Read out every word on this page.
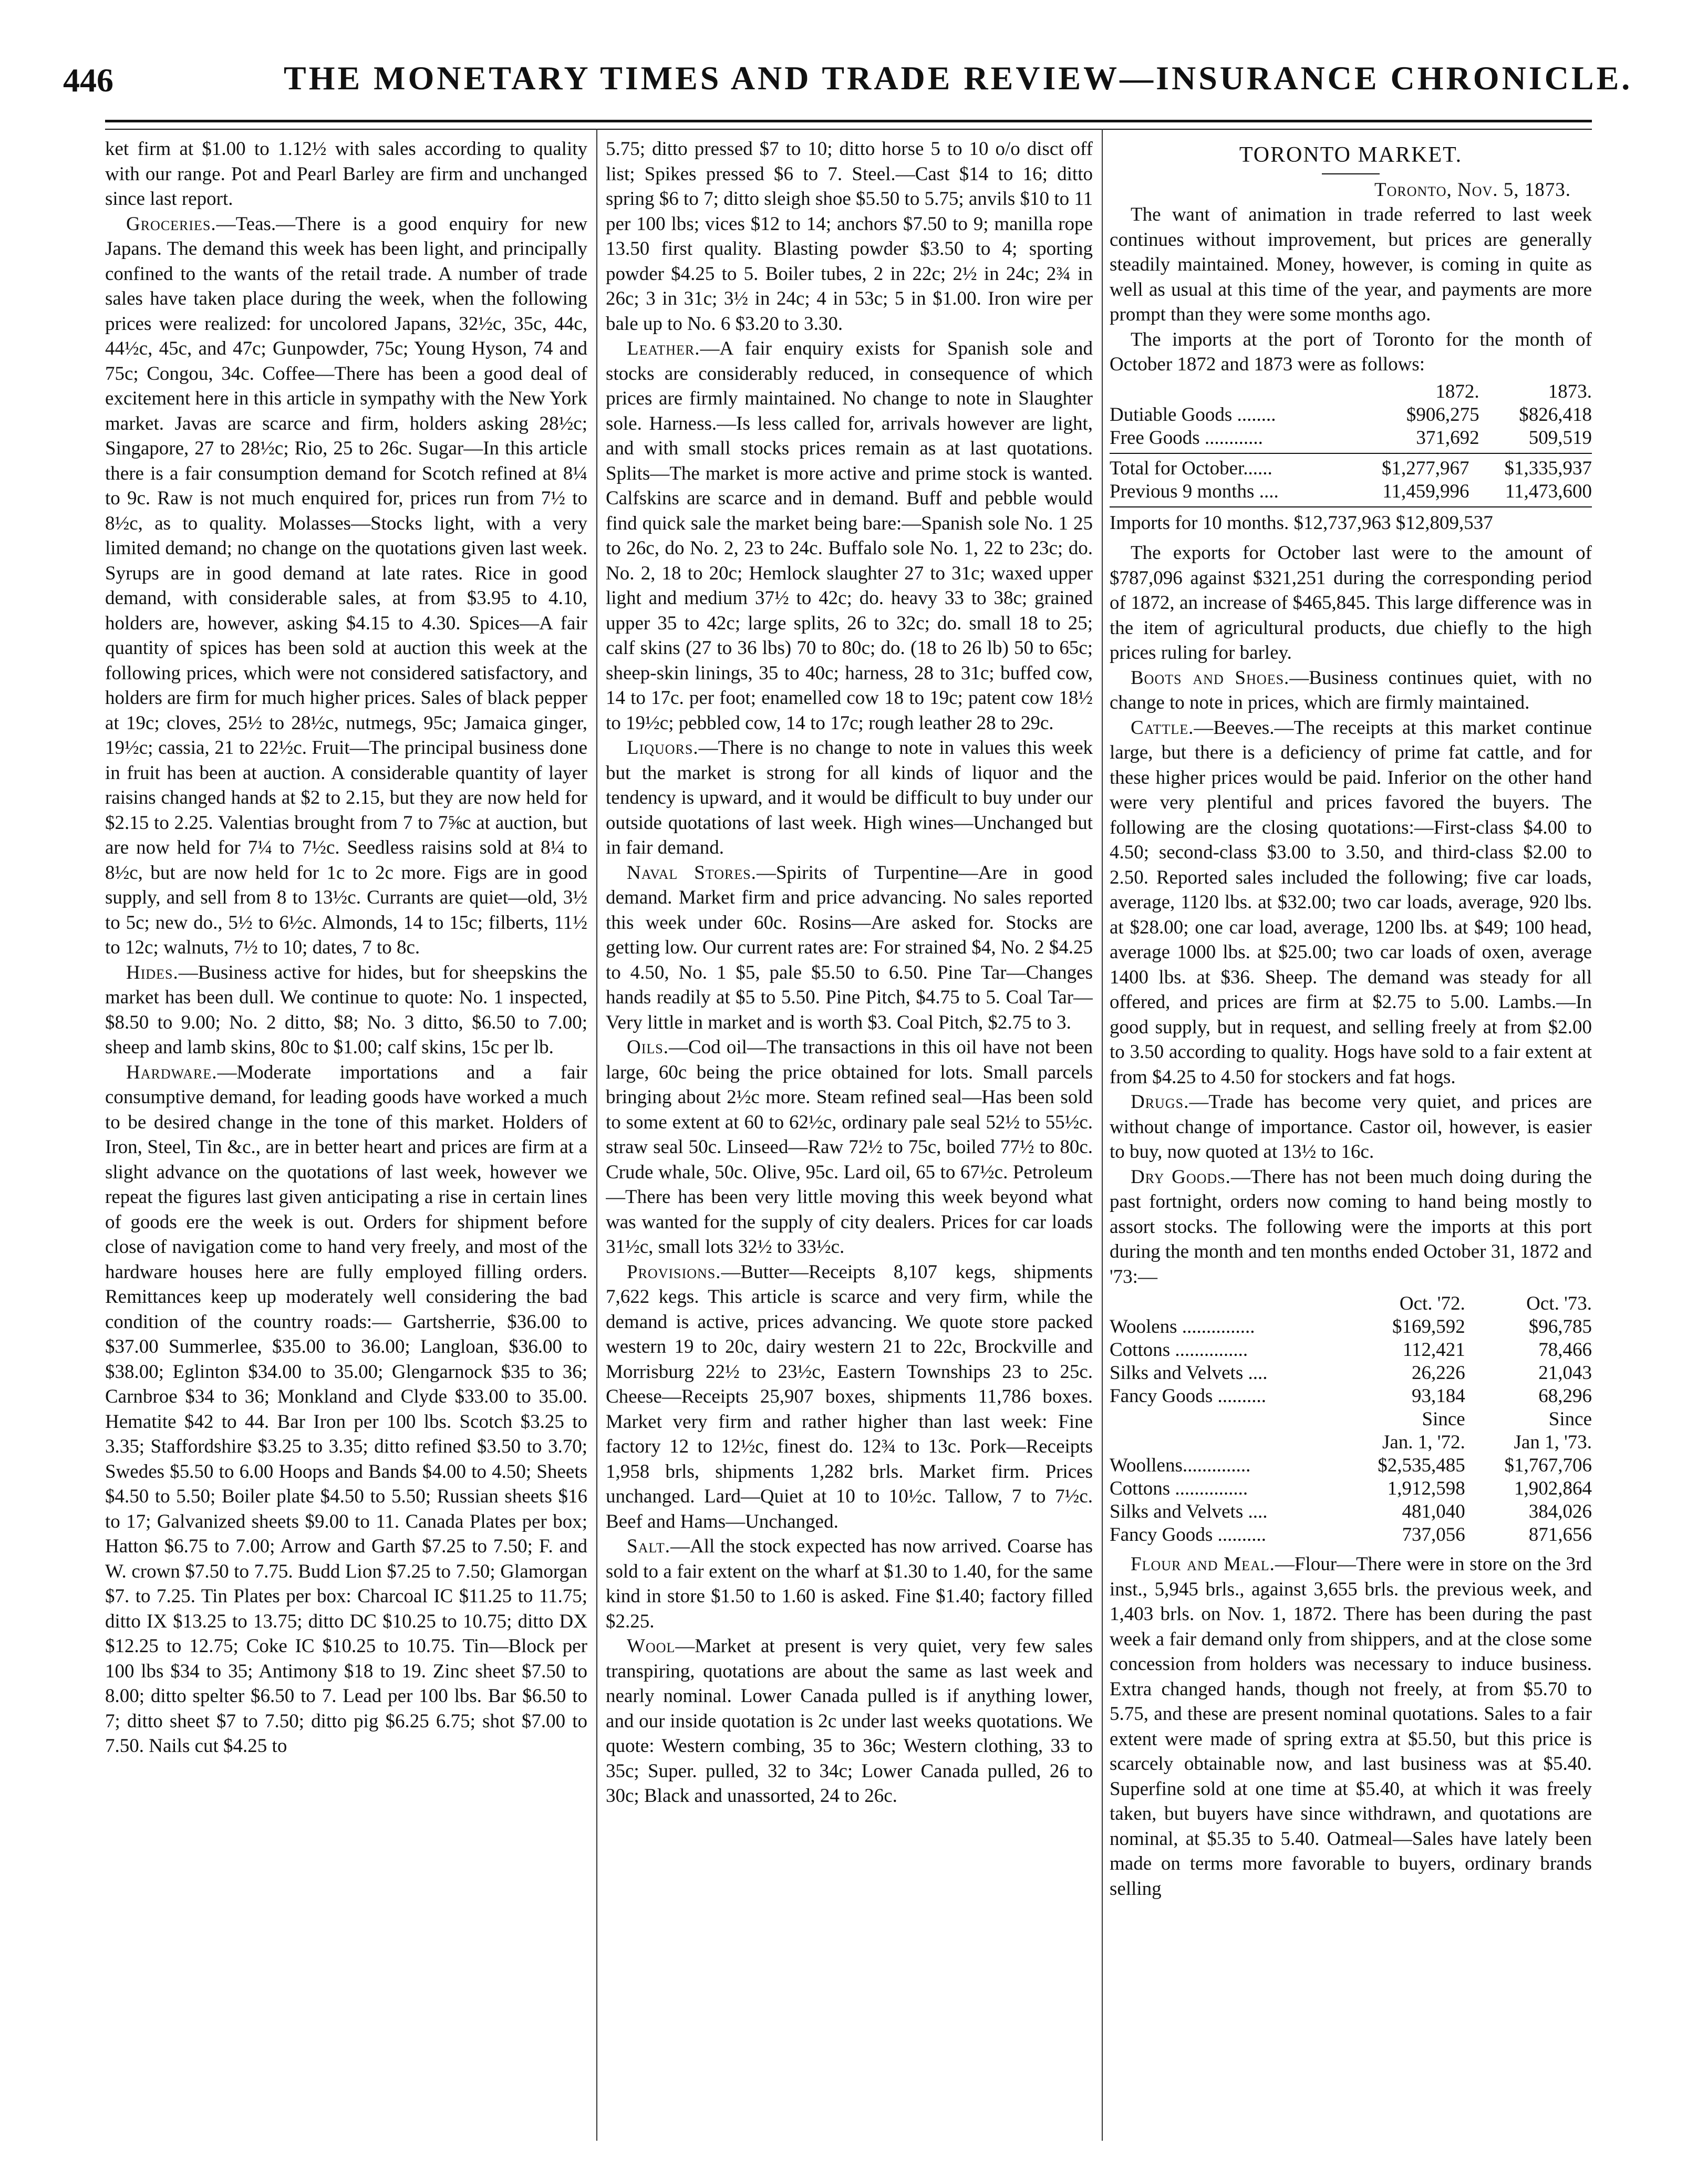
446	THE MONETARY TIMES AND TRADE REVIEW—INSURANCE CHRONICLE.

ket firm at $1.00 to 1.12½ with sales according to quality with our range. Pot and Pearl Barley are firm and unchanged since last report.

Groceries.—Teas.—There is a good enquiry for new Japans. The demand this week has been light, and principally confined to the wants of the retail trade. A number of trade sales have taken place during the week, when the following prices were realized: for uncolored Japans, 32½c, 35c, 44c, 44½c, 45c, and 47c; Gunpowder, 75c; Young Hyson, 74 and 75c; Congou, 34c. Coffee—There has been a good deal of excitement here in this article in sympathy with the New York market. Javas are scarce and firm, holders asking 28½c; Singapore, 27 to 28½c; Rio, 25 to 26c. Sugar—In this article there is a fair consumption demand for Scotch refined at 8¼ to 9c. Raw is not much enquired for, prices run from 7½ to 8½c, as to quality. Molasses—Stocks light, with a very limited demand; no change on the quotations given last week. Syrups are in good demand at late rates. Rice in good demand, with considerable sales, at from $3.95 to 4.10, holders are, however, asking $4.15 to 4.30. Spices—A fair quantity of spices has been sold at auction this week at the following prices, which were not considered satisfactory, and holders are firm for much higher prices. Sales of black pepper at 19c; cloves, 25½ to 28½c, nutmegs, 95c; Jamaica ginger, 19½c; cassia, 21 to 22½c. Fruit—The principal business done in fruit has been at auction. A considerable quantity of layer raisins changed hands at $2 to 2.15, but they are now held for $2.15 to 2.25. Valentias brought from 7 to 7⅝c at auction, but are now held for 7¼ to 7½c. Seedless raisins sold at 8¼ to 8½c, but are now held for 1c to 2c more. Figs are in good supply, and sell from 8 to 13½c. Currants are quiet—old, 3½ to 5c; new do., 5½ to 6½c. Almonds, 14 to 15c; filberts, 11½ to 12c; walnuts, 7½ to 10; dates, 7 to 8c.

Hides.—Business active for hides, but for sheepskins the market has been dull. We continue to quote: No. 1 inspected, $8.50 to 9.00; No. 2 ditto, $8; No. 3 ditto, $6.50 to 7.00; sheep and lamb skins, 80c to $1.00; calf skins, 15c per lb.

Hardware.—Moderate importations and a fair consumptive demand, for leading goods have worked a much to be desired change in the tone of this market. Holders of Iron, Steel, Tin &c., are in better heart and prices are firm at a slight advance on the quotations of last week, however we repeat the figures last given anticipating a rise in certain lines of goods ere the week is out. Orders for shipment before close of navigation come to hand very freely, and most of the hardware houses here are fully employed filling orders. Remittances keep up moderately well considering the bad condition of the country roads:— Gartsherrie, $36.00 to $37.00 Summerlee, $35.00 to 36.00; Langloan, $36.00 to $38.00; Eglinton $34.00 to 35.00; Glengarnock $35 to 36; Carnbroe $34 to 36; Monkland and Clyde $33.00 to 35.00. Hematite $42 to 44. Bar Iron per 100 lbs. Scotch $3.25 to 3.35; Staffordshire $3.25 to 3.35; ditto refined $3.50 to 3.70; Swedes $5.50 to 6.00 Hoops and Bands $4.00 to 4.50; Sheets $4.50 to 5.50; Boiler plate $4.50 to 5.50; Russian sheets $16 to 17; Galvanized sheets $9.00 to 11. Canada Plates per box; Hatton $6.75 to 7.00; Arrow and Garth $7.25 to 7.50; F. and W. crown $7.50 to 7.75. Budd Lion $7.25 to 7.50; Glamorgan $7. to 7.25. Tin Plates per box: Charcoal IC $11.25 to 11.75; ditto IX $13.25 to 13.75; ditto DC $10.25 to 10.75; ditto DX $12.25 to 12.75; Coke IC $10.25 to 10.75. Tin—Block per 100 lbs $34 to 35; Antimony $18 to 19. Zinc sheet $7.50 to 8.00; ditto spelter $6.50 to 7. Lead per 100 lbs. Bar $6.50 to 7; ditto sheet $7 to 7.50; ditto pig $6.25 6.75; shot $7.00 to 7.50. Nails cut $4.25 to

5.75; ditto pressed $7 to 10; ditto horse 5 to 10 o/o disct off list; Spikes pressed $6 to 7. Steel.—Cast $14 to 16; ditto spring $6 to 7; ditto sleigh shoe $5.50 to 5.75; anvils $10 to 11 per 100 lbs; vices $12 to 14; anchors $7.50 to 9; manilla rope 13.50 first quality. Blasting powder $3.50 to 4; sporting powder $4.25 to 5. Boiler tubes, 2 in 22c; 2½ in 24c; 2¾ in 26c; 3 in 31c; 3½ in 24c; 4 in 53c; 5 in $1.00. Iron wire per bale up to No. 6 $3.20 to 3.30.

Leather.—A fair enquiry exists for Spanish sole and stocks are considerably reduced, in consequence of which prices are firmly maintained. No change to note in Slaughter sole. Harness.—Is less called for, arrivals however are light, and with small stocks prices remain as at last quotations. Splits—The market is more active and prime stock is wanted. Calfskins are scarce and in demand. Buff and pebble would find quick sale the market being bare:—Spanish sole No. 1 25 to 26c, do No. 2, 23 to 24c. Buffalo sole No. 1, 22 to 23c; do. No. 2, 18 to 20c; Hemlock slaughter 27 to 31c; waxed upper light and medium 37½ to 42c; do. heavy 33 to 38c; grained upper 35 to 42c; large splits, 26 to 32c; do. small 18 to 25; calf skins (27 to 36 lbs) 70 to 80c; do. (18 to 26 lb) 50 to 65c; sheep-skin linings, 35 to 40c; harness, 28 to 31c; buffed cow, 14 to 17c. per foot; enamelled cow 18 to 19c; patent cow 18½ to 19½c; pebbled cow, 14 to 17c; rough leather 28 to 29c.

Liquors.—There is no change to note in values this week but the market is strong for all kinds of liquor and the tendency is upward, and it would be difficult to buy under our outside quotations of last week. High wines—Unchanged but in fair demand.

Naval Stores.—Spirits of Turpentine—Are in good demand. Market firm and price advancing. No sales reported this week under 60c. Rosins—Are asked for. Stocks are getting low. Our current rates are: For strained $4, No. 2 $4.25 to 4.50, No. 1 $5, pale $5.50 to 6.50. Pine Tar—Changes hands readily at $5 to 5.50. Pine Pitch, $4.75 to 5. Coal Tar—Very little in market and is worth $3. Coal Pitch, $2.75 to 3.

Oils.—Cod oil—The transactions in this oil have not been large, 60c being the price obtained for lots. Small parcels bringing about 2½c more. Steam refined seal—Has been sold to some extent at 60 to 62½c, ordinary pale seal 52½ to 55½c. straw seal 50c. Linseed—Raw 72½ to 75c, boiled 77½ to 80c. Crude whale, 50c. Olive, 95c. Lard oil, 65 to 67½c. Petroleum—There has been very little moving this week beyond what was wanted for the supply of city dealers. Prices for car loads 31½c, small lots 32½ to 33½c.

Provisions.—Butter—Receipts 8,107 kegs, shipments 7,622 kegs. This article is scarce and very firm, while the demand is active, prices advancing. We quote store packed western 19 to 20c, dairy western 21 to 22c, Brockville and Morrisburg 22½ to 23½c, Eastern Townships 23 to 25c. Cheese—Receipts 25,907 boxes, shipments 11,786 boxes. Market very firm and rather higher than last week: Fine factory 12 to 12½c, finest do. 12¾ to 13c. Pork—Receipts 1,958 brls, shipments 1,282 brls. Market firm. Prices unchanged. Lard—Quiet at 10 to 10½c. Tallow, 7 to 7½c. Beef and Hams—Unchanged.

Salt.—All the stock expected has now arrived. Coarse has sold to a fair extent on the wharf at $1.30 to 1.40, for the same kind in store $1.50 to 1.60 is asked. Fine $1.40; factory filled $2.25.

Wool—Market at present is very quiet, very few sales transpiring, quotations are about the same as last week and nearly nominal. Lower Canada pulled is if anything lower, and our inside quotation is 2c under last weeks quotations. We quote: Western combing, 35 to 36c; Western clothing, 33 to 35c; Super. pulled, 32 to 34c; Lower Canada pulled, 26 to 30c; Black and unassorted, 24 to 26c.

TORONTO MARKET.
Toronto, Nov. 5, 1873.

The want of animation in trade referred to last week continues without improvement, but prices are generally steadily maintained. Money, however, is coming in quite as well as usual at this time of the year, and payments are more prompt than they were some months ago.

The imports at the port of Toronto for the month of October 1872 and 1873 were as follows:

	1872.	1873.
Dutiable Goods ........	$906,275	$826,418
Free Goods ............	371,692	509,519
Total for October......	$1,277,967	$1,335,937
Previous 9 months ....	11,459,996	11,473,600
Imports for 10 months. $12,737,963 $12,809,537

The exports for October last were to the amount of $787,096 against $321,251 during the corresponding period of 1872, an increase of $465,845. This large difference was in the item of agricultural products, due chiefly to the high prices ruling for barley.

Boots and Shoes.—Business continues quiet, with no change to note in prices, which are firmly maintained.

Cattle.—Beeves.—The receipts at this market continue large, but there is a deficiency of prime fat cattle, and for these higher prices would be paid. Inferior on the other hand were very plentiful and prices favored the buyers. The following are the closing quotations:—First-class $4.00 to 4.50; second-class $3.00 to 3.50, and third-class $2.00 to 2.50. Reported sales included the following; five car loads, average, 1120 lbs. at $32.00; two car loads, average, 920 lbs. at $28.00; one car load, average, 1200 lbs. at $49; 100 head, average 1000 lbs. at $25.00; two car loads of oxen, average 1400 lbs. at $36. Sheep. The demand was steady for all offered, and prices are firm at $2.75 to 5.00. Lambs.—In good supply, but in request, and selling freely at from $2.00 to 3.50 according to quality. Hogs have sold to a fair extent at from $4.25 to 4.50 for stockers and fat hogs.

Drugs.—Trade has become very quiet, and prices are without change of importance. Castor oil, however, is easier to buy, now quoted at 13½ to 16c.

Dry Goods.—There has not been much doing during the past fortnight, orders now coming to hand being mostly to assort stocks. The following were the imports at this port during the month and ten months ended October 31, 1872 and '73:—

	Oct. '72.	Oct. '73.
Woolens ...............	$169,592	$96,785
Cottons ...............	112,421	78,466
Silks and Velvets ....	26,226	21,043
Fancy Goods ..........	93,184	68,296
	Since	Since
	Jan. 1, '72.	Jan 1, '73.
Woollens..............	$2,535,485	$1,767,706
Cottons ...............	1,912,598	1,902,864
Silks and Velvets ....	481,040	384,026
Fancy Goods ..........	737,056	871,656

Flour and Meal.—Flour—There were in store on the 3rd inst., 5,945 brls., against 3,655 brls. the previous week, and 1,403 brls. on Nov. 1, 1872. There has been during the past week a fair demand only from shippers, and at the close some concession from holders was necessary to induce business. Extra changed hands, though not freely, at from $5.70 to 5.75, and these are present nominal quotations. Sales to a fair extent were made of spring extra at $5.50, but this price is scarcely obtainable now, and last business was at $5.40. Superfine sold at one time at $5.40, at which it was freely taken, but buyers have since withdrawn, and quotations are nominal, at $5.35 to 5.40. Oatmeal—Sales have lately been made on terms more favorable to buyers, ordinary brands selling
